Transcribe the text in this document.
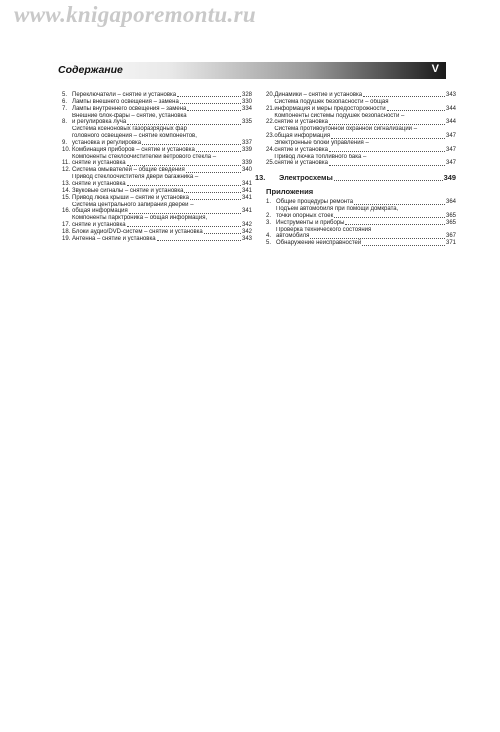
www.knigaporemontu.ru
Содержание	V
5. Переключатели – снятие и установка	328
6. Лампы внешнего освещения – замена	330
7. Лампы внутреннего освещения – замена	334
8.
Внешние блок-фары – снятие, установка
и регулировка луча	335
9.
Система ксеноновых газоразрядных фар
головного освещения – снятие компонентов,
установка и регулировка	337
10. Комбинация приборов – снятие и установка	339
11.
Компоненты стеклоочистителей ветрового стекла –
снятие и установка	339
12. Система омывателей – общие сведения	340
13.
Привод стеклоочистителя двери багажника –
снятие и установка	341
14. Звуковые сигналы – снятие и установка	341
15. Привод люка крыши – снятие и установка	341
16.
Система центрального запирания дверей –
общая информация	341
17.
Компоненты парктроника – общая информация,
снятие и установка	342
18. Блоки аудио/DVD-систем – снятие и установка	342
19. Антенна – снятие и установка	343
20. Динамики – снятие и установка	343
21.
Система подушек безопасности – общая
информация и меры предосторожности	344
22.
Компоненты системы подушек безопасности –
снятие и установка	344
23.
Система противоугонной охранной сигнализации –
общая информация	347
24.
Электронные блоки управления –
снятие и установка	347
25.
Привод лючка топливного бака –
снятие и установка	347
13.	Электросхемы	349
Приложения
1. Общие процедуры ремонта	364
2.
Подъем автомобиля при помощи домкрата,
точки опорных стоек	365
3. Инструменты и приборы	365
4.
Проверка технического состояния
автомобиля	367
5. Обнаружение неисправностей	371
